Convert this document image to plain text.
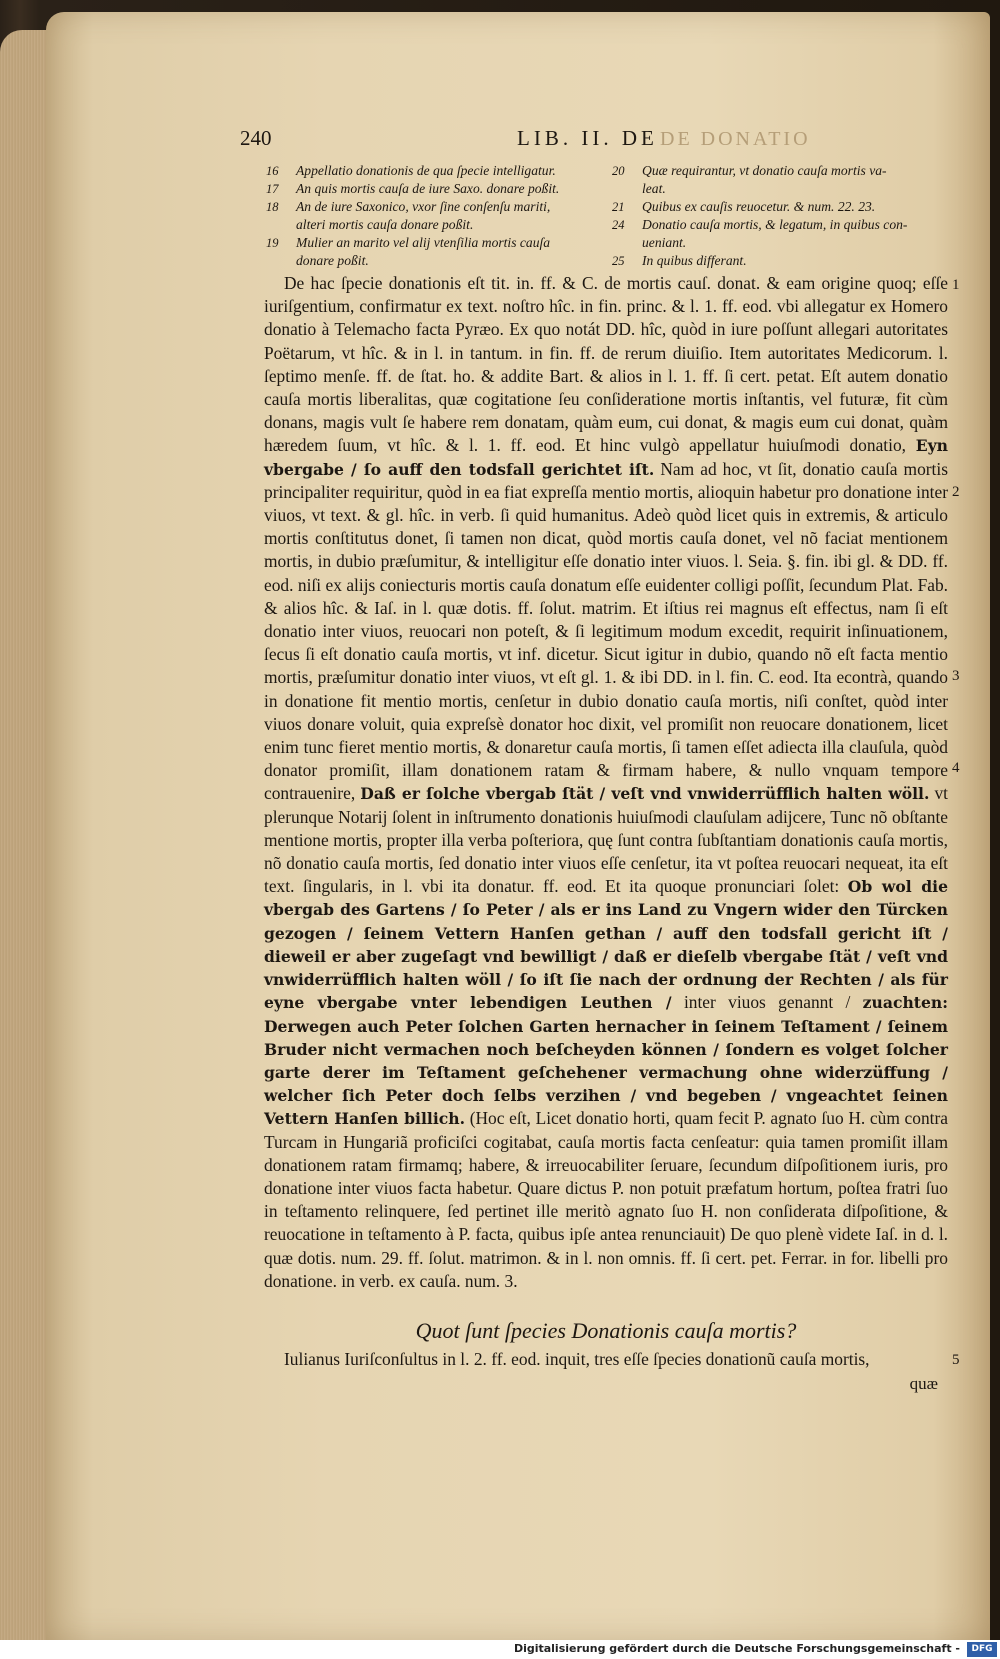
240	LIB. II. DE DE DONATIO
16	Appellatio donationis de qua ſpecie intelligatur.
17	An quis mortis cauſa de iure Saxo. donare poßit.
18	An de iure Saxonico, vxor ſine conſenſu mariti,
alteri mortis cauſa donare poßit.
19	Mulier an marito vel alij vtenſilia mortis cauſa
donare poßit.
20	Quæ requirantur, vt donatio cauſa mortis va-
leat.
21	Quibus ex cauſis reuocetur. & num. 22. 23.
24	Donatio cauſa mortis, & legatum, in quibus con-
ueniant.
25	In quibus differant.

De hac ſpecie donationis eſt tit. in. ff. & C. de mortis cauſ. donat. & eam origine quoq; eſſe iuriſgentium, confirmatur ex text. noſtro hîc. in fin. princ. & l. 1. ff. eod. vbi allegatur ex Homero donatio à Telemacho facta Pyræo. Ex quo notát DD. hîc, quòd in iure poſſunt allegari autoritates Poëtarum, vt hîc. & in l. in tantum. in fin. ff. de rerum diuiſio. Item autoritates Medicorum. l. ſeptimo menſe. ff. de ſtat. ho. & addite Bart. & alios in l. 1. ff. ſi cert. petat. Eſt autem donatio cauſa mortis liberalitas, quæ cogitatione ſeu conſideratione mortis inſtantis, vel futuræ, fit cùm donans, magis vult ſe habere rem donatam, quàm eum, cui donat, & magis eum cui donat, quàm hæredem ſuum, vt hîc. & l. 1. ff. eod. Et hinc vulgò appellatur huiuſmodi donatio, Eyn vbergabe / ſo auff den todsfall gerichtet iſt. Nam ad hoc, vt ſit, donatio cauſa mortis principaliter requiritur, quòd in ea fiat expreſſa mentio mortis, alioquin habetur pro donatione inter viuos, vt text. & gl. hîc. in verb. ſi quid humanitus. Adeò quòd licet quis in extremis, & articulo mortis conſtitutus donet, ſi tamen non dicat, quòd mortis cauſa donet, vel nõ faciat mentionem mortis, in dubio præſumitur, & intelligitur eſſe donatio inter viuos. l. Seia. §. fin. ibi gl. & DD. ff. eod. niſi ex alijs coniecturis mortis cauſa donatum eſſe euidenter colligi poſſit, ſecundum Plat. Fab. & alios hîc. & Iaſ. in l. quæ dotis. ff. ſolut. matrim. Et iſtius rei magnus eſt effectus, nam ſi eſt donatio inter viuos, reuocari non poteſt, & ſi legitimum modum excedit, requirit inſinuationem, ſecus ſi eſt donatio cauſa mortis, vt inf. dicetur. Sicut igitur in dubio, quando nõ eſt facta mentio mortis, præſumitur donatio inter viuos, vt eſt gl. 1. & ibi DD. in l. fin. C. eod. Ita econtrà, quando in donatione fit mentio mortis, cenſetur in dubio donatio cauſa mortis, niſi conſtet, quòd inter viuos donare voluit, quia expreſsè donator hoc dixit, vel promiſit non reuocare donationem, licet enim tunc fieret mentio mortis, & donaretur cauſa mortis, ſi tamen eſſet adiecta illa clauſula, quòd donator promiſit, illam donationem ratam & firmam habere, & nullo vnquam tempore contrauenire, Daß er ſolche vbergab ſtät / veſt vnd vnwiderrüfflich halten wöll. vt plerunque Notarij ſolent in inſtrumento donationis huiuſmodi clauſulam adijcere, Tunc nõ obſtante mentione mortis, propter illa verba poſteriora, quę ſunt contra ſubſtantiam donationis cauſa mortis, nõ donatio cauſa mortis, ſed donatio inter viuos eſſe cenſetur, ita vt poſtea reuocari nequeat, ita eſt text. ſingularis, in l. vbi ita donatur. ff. eod. Et ita quoque pronunciari ſolet: Ob wol die vbergab des Gartens / ſo Peter / als er ins Land zu Vngern wider den Türcken gezogen / ſeinem Vettern Hanſen gethan / auff den todsfall gericht iſt / dieweil er aber zugeſagt vnd bewilligt / daß er dieſelb vbergabe ſtät / veſt vnd vnwiderrüfflich halten wöll / ſo iſt ſie nach der ordnung der Rechten / als für eyne vbergabe vnter lebendigen Leuthen / inter viuos genannt / zuachten: Derwegen auch Peter ſolchen Garten hernacher in ſeinem Teſtament / ſeinem Bruder nicht vermachen noch beſcheyden können / ſondern es volget ſolcher garte derer im Teſtament geſchehener vermachung ohne widerzüffung / welcher ſich Peter doch ſelbs verzihen / vnd begeben / vngeachtet ſeinen Vettern Hanſen billich. (Hoc eſt, Licet donatio horti, quam fecit P. agnato ſuo H. cùm contra Turcam in Hungariã proficiſci cogitabat, cauſa mortis facta cenſeatur: quia tamen promiſit illam donationem ratam firmamq; habere, & irreuocabiliter ſeruare, ſecundum diſpoſitionem iuris, pro donatione inter viuos facta habetur. Quare dictus P. non potuit præfatum hortum, poſtea fratri ſuo in teſtamento relinquere, ſed pertinet ille meritò agnato ſuo H. non conſiderata diſpoſitione, & reuocatione in teſtamento à P. facta, quibus ipſe antea renunciauit) De quo plenè videte Iaſ. in d. l. quæ dotis. num. 29. ff. ſolut. matrimon. & in l. non omnis. ff. ſi cert. pet. Ferrar. in for. libelli pro donatione. in verb. ex cauſa. num. 3.

Quot ſunt ſpecies Donationis cauſa mortis?

Iulianus Iuriſconſultus in l. 2. ff. eod. inquit, tres eſſe ſpecies donationũ cauſa mortis,

quæ
1
2
3
4
5
Digitalisierung gefördert durch die Deutsche Forschungsgemeinschaft -	DFG
